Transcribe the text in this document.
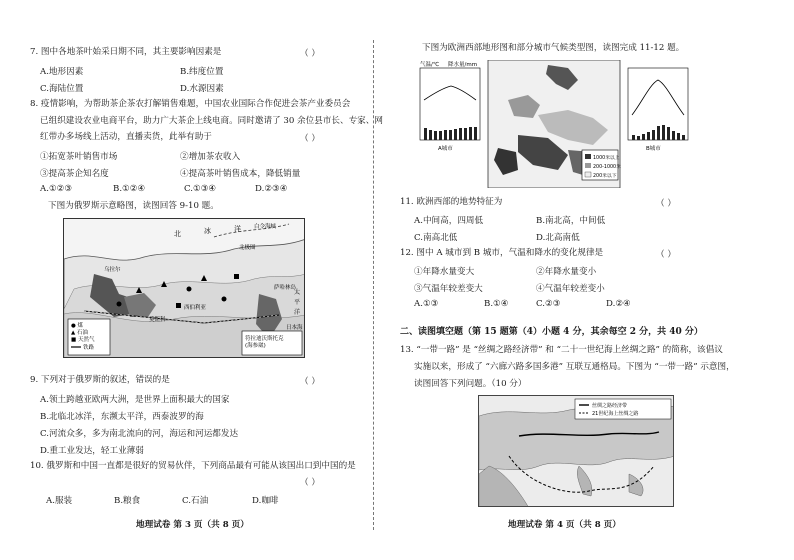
7. 图中各地茶叶始采日期不同，其主要影响因素是	（ ）
A.地形因素	B.纬度位置
C.海陆位置	D.水源因素
8. 疫情影响，为帮助茶企茶农打解销售难题，中国农业国际合作促进会茶产业委员会
已组织建设农业电商平台，助力广大茶企上线电商。同时邀请了 30 余位县市长、专家、网
红带办多场线上活动，直播卖货，此举有助于	（ ）
①拓宽茶叶销售市场	②增加茶农收入
③提高茶企知名度	④提高茶叶销售成本，降低销量
A.①②③	B.①②④	C.①③④	D.②③④
下图为俄罗斯示意略图，读图回答 9-10 题。
北	冰	洋
北极圈
白令海峡
乌拉尔
莫斯科
西伯利亚
萨哈林岛
日本海
太
平
洋
● 煤
▲ 石油
■ 天然气
铁路
符拉迪沃斯托克(海参崴)
9. 下列对于俄罗斯的叙述，错误的是	（ ）
A.领土跨越亚欧两大洲，是世界上面积最大的国家
B.北临北冰洋，东濒太平洋，西泰波罗的海
C.河流众多，多为南北流向的河，海运和河运都发达
D.重工业发达，轻工业薄弱
10. 俄罗斯和中国一直都是很好的贸易伙伴，下列商品最有可能从该国出口到中国的是
（ ）
A.服装	B.粮食	C.石油	D.咖啡
地理试卷 第 3 页（共 8 页）
下图为欧洲西部地形图和部分城市气候类型图，读图完成 11-12 题。
气温/℃ 降水量/mm
A城市
1000米以上
200-1000米
200米以下
B城市
11. 欧洲西部的地势特征为	（ ）
A.中间高，四周低	B.南北高，中间低
C.南高北低	D.北高南低
12. 图中 A 城市到 B 城市，气温和降水的变化规律是	（ ）
①年降水量变大	②年降水量变小
③气温年较差变大	④气温年较差变小
A.①③	B.①④	C.②③	D.②④
二、读图填空题（第 15 题第（4）小题 4 分，其余每空 2 分，共 40 分）
13. “一带一路” 是 “丝绸之路经济带” 和 “二十一世纪海上丝绸之路” 的简称，该倡议
实施以来，形成了 “六廊六路多国多港” 互联互通格局。下图为 “一带一路” 示意图，
读图回答下列问题。（10 分）
丝绸之路经济带
21世纪海上丝绸之路
地理试卷 第 4 页（共 8 页）
